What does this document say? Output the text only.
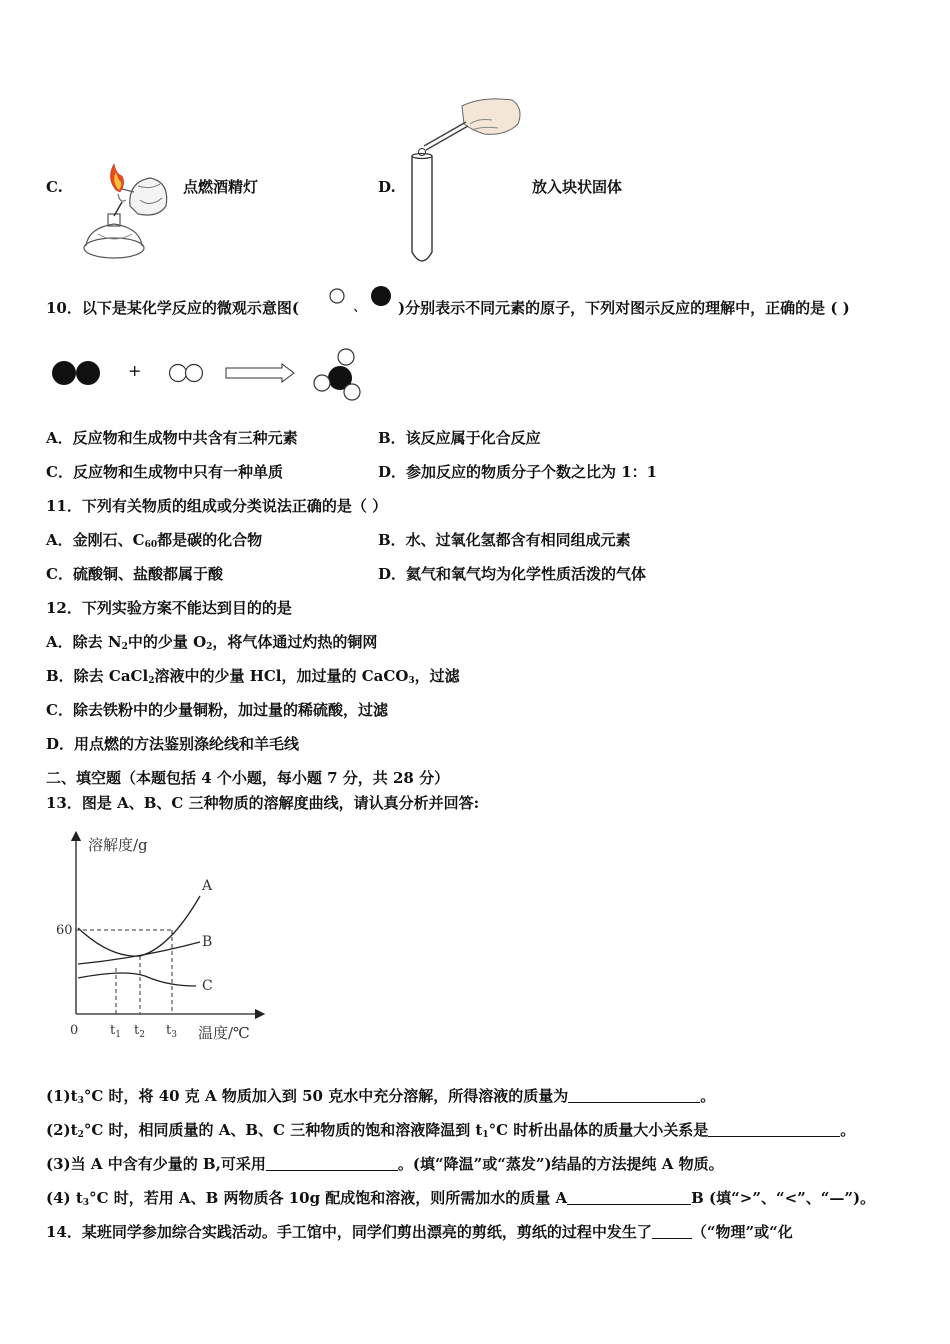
C.	点燃酒精灯	D.	放入块状固体
10．以下是某化学反应的微观示意图(	、 )分别表示不同元素的原子，下列对图示反应的理解中，正确的是 ( )
+
A．反应物和生成物中共含有三种元素	B．该反应属于化合反应
C．反应物和生成物中只有一种单质	D．参加反应的物质分子个数之比为 1：1
11．下列有关物质的组成或分类说法正确的是（ ）
A．金刚石、$C_{60}$都是碳的化合物	B．水、过氧化氢都含有相同组成元素
C．硫酸铜、盐酸都属于酸	D．氦气和氧气均为化学性质活泼的气体
12．下列实验方案不能达到目的的是
A．除去 $N_2$中的少量 $O_2$，将气体通过灼热的铜网
B．除去 CaCl$_2$溶液中的少量 HCl，加过量的 CaCO$_3$，过滤
C．除去铁粉中的少量铜粉，加过量的稀硫酸，过滤
D．用点燃的方法鉴别涤纶线和羊毛线
二、填空题（本题包括 4 个小题，每小题 7 分，共 28 分）
13．图是 A、B、C 三种物质的溶解度曲线，请认真分析并回答:
溶解度/g
温度/℃
0
60
$t_1$ $t_2$ $t_3$
A
B
C
$(1)t_3^\circ C$ 时，将 40 克 A 物质加入到 50 克水中充分溶解，所得溶液的质量为	。
$(2)t_2^\circ C$ 时，相同质量的 A、B、C 三种物质的饱和溶液降温到 $t_1^\circ C$ 时析出晶体的质量大小关系是	。
(3)当 A 中含有少量的 B,可采用	。(填“降温”或“蒸发”)结晶的方法提纯 A 物质。
(4) $t_3^\circ C$ 时，若用 A、B 两物质各 10g 配成饱和溶液，则所需加水的质量 A	B (填“>”、“<”、“—”)。
14．某班同学参加综合实践活动。手工馆中，同学们剪出漂亮的剪纸，剪纸的过程中发生了	（“物理”或“化
